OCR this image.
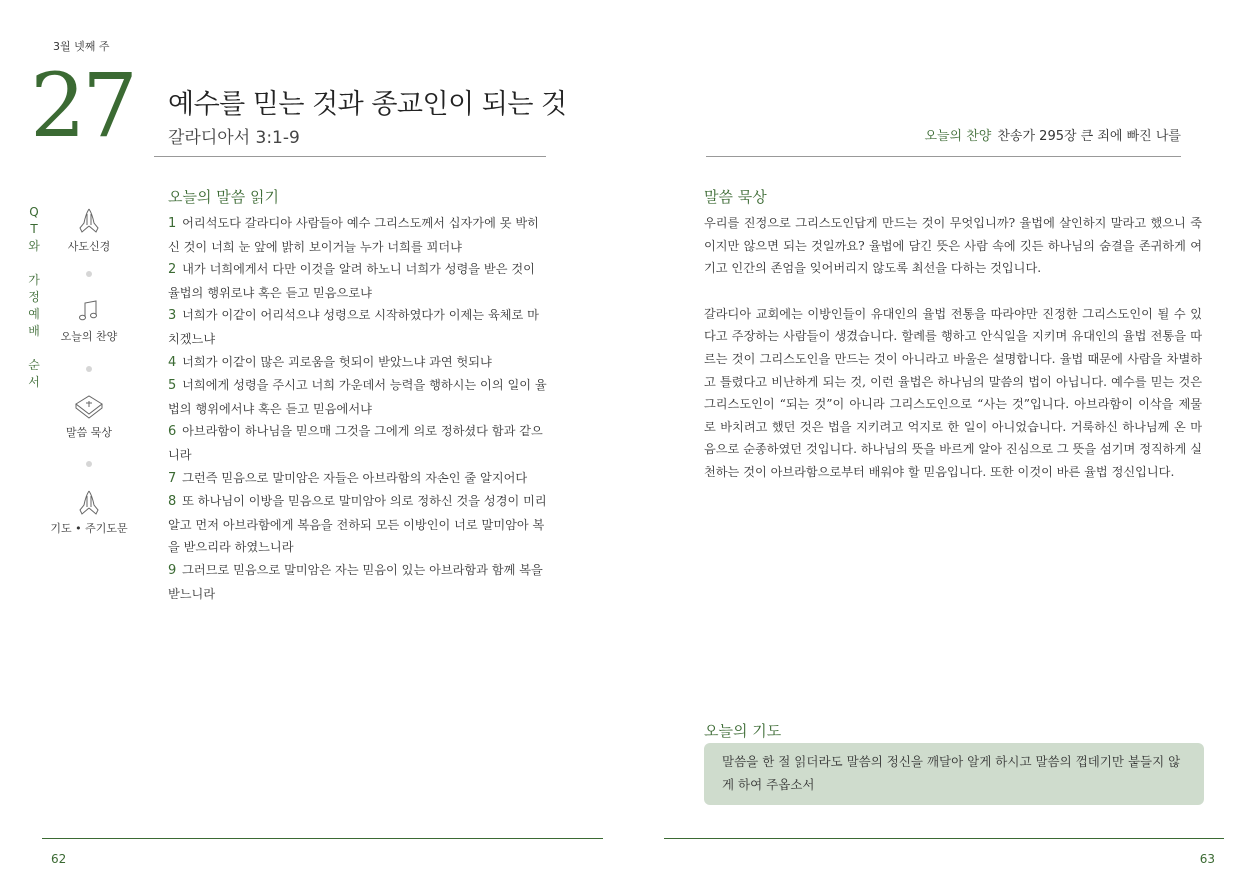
3월 넷째 주
27 예수를 믿는 것과 종교인이 되는 것
갈라디아서 3:1-9	오늘의 찬양 찬송가 295장 큰 죄에 빠진 나를
Q
T
와

가
정
예
배

순
서
사도신경
오늘의 찬양
말씀 묵상
기도 • 주기도문
오늘의 말씀 읽기
1 어리석도다 갈라디아 사람들아 예수 그리스도께서 십자가에 못 박히신 것이 너희 눈 앞에 밝히 보이거늘 누가 너희를 꾀더냐
2 내가 너희에게서 다만 이것을 알려 하노니 너희가 성령을 받은 것이 율법의 행위로냐 혹은 듣고 믿음으로냐
3 너희가 이같이 어리석으냐 성령으로 시작하였다가 이제는 육체로 마치겠느냐
4 너희가 이같이 많은 괴로움을 헛되이 받았느냐 과연 헛되냐
5 너희에게 성령을 주시고 너희 가운데서 능력을 행하시는 이의 일이 율법의 행위에서냐 혹은 듣고 믿음에서냐
6 아브라함이 하나님을 믿으매 그것을 그에게 의로 정하셨다 함과 같으니라
7 그런즉 믿음으로 말미암은 자들은 아브라함의 자손인 줄 알지어다
8 또 하나님이 이방을 믿음으로 말미암아 의로 정하신 것을 성경이 미리 알고 먼저 아브라함에게 복음을 전하되 모든 이방인이 너로 말미암아 복을 받으리라 하였느니라
9 그러므로 믿음으로 말미암은 자는 믿음이 있는 아브라함과 함께 복을 받느니라
말씀 묵상

우리를 진정으로 그리스도인답게 만드는 것이 무엇입니까? 율법에 살인하지 말라고 했으니 죽이지만 않으면 되는 것일까요? 율법에 담긴 뜻은 사람 속에 깃든 하나님의 숨결을 존귀하게 여기고 인간의 존엄을 잊어버리지 않도록 최선을 다하는 것입니다.

갈라디아 교회에는 이방인들이 유대인의 율법 전통을 따라야만 진정한 그리스도인이 될 수 있다고 주장하는 사람들이 생겼습니다. 할례를 행하고 안식일을 지키며 유대인의 율법 전통을 따르는 것이 그리스도인을 만드는 것이 아니라고 바울은 설명합니다. 율법 때문에 사람을 차별하고 틀렸다고 비난하게 되는 것, 이런 율법은 하나님의 말씀의 법이 아닙니다. 예수를 믿는 것은 그리스도인이 “되는 것”이 아니라 그리스도인으로 “사는 것”입니다. 아브라함이 이삭을 제물로 바치려고 했던 것은 법을 지키려고 억지로 한 일이 아니었습니다. 거룩하신 하나님께 온 마음으로 순종하였던 것입니다. 하나님의 뜻을 바르게 알아 진심으로 그 뜻을 섬기며 정직하게 실천하는 것이 아브라함으로부터 배워야 할 믿음입니다. 또한 이것이 바른 율법 정신입니다.

오늘의 기도
말씀을 한 절 읽더라도 말씀의 정신을 깨달아 알게 하시고 말씀의 껍데기만 붙들지 않게 하여 주옵소서
62	63
